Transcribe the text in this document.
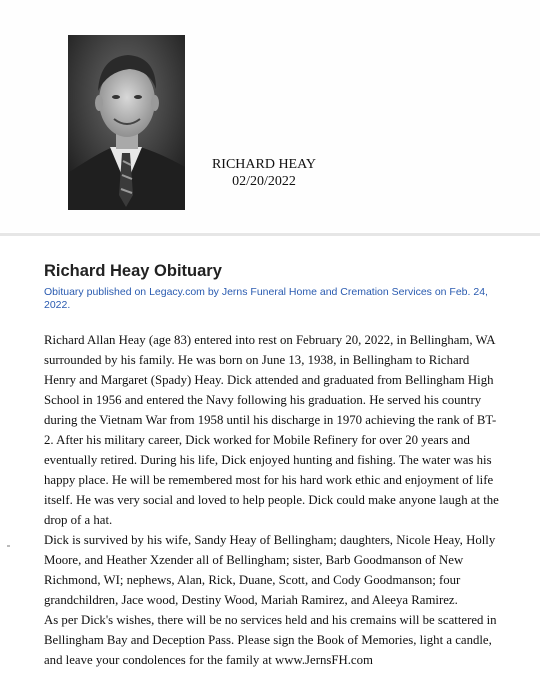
RICHARD HEAY
02/20/2022
Richard Heay Obituary
Obituary published on Legacy.com by Jerns Funeral Home and Cremation Services on Feb. 24, 2022.

Richard Allan Heay (age 83) entered into rest on February 20, 2022, in Bellingham, WA
surrounded by his family. He was born on June 13, 1938, in Bellingham to Richard
Henry and Margaret (Spady) Heay. Dick attended and graduated from Bellingham High
School in 1956 and entered the Navy following his graduation. He served his country
during the Vietnam War from 1958 until his discharge in 1970 achieving the rank of BT-
2. After his military career, Dick worked for Mobile Refinery for over 20 years and
eventually retired. During his life, Dick enjoyed hunting and fishing. The water was his
happy place. He will be remembered most for his hard work ethic and enjoyment of life
itself. He was very social and loved to help people. Dick could make anyone laugh at the
drop of a hat.

Dick is survived by his wife, Sandy Heay of Bellingham; daughters, Nicole Heay, Holly
Moore, and Heather Xzender all of Bellingham; sister, Barb Goodmanson of New
Richmond, WI; nephews, Alan, Rick, Duane, Scott, and Cody Goodmanson; four
grandchildren, Jace wood, Destiny Wood, Mariah Ramirez, and Aleeya Ramirez.

As per Dick's wishes, there will be no services held and his cremains will be scattered in
Bellingham Bay and Deception Pass. Please sign the Book of Memories, light a candle,
and leave your condolences for the family at www.JernsFH.com
